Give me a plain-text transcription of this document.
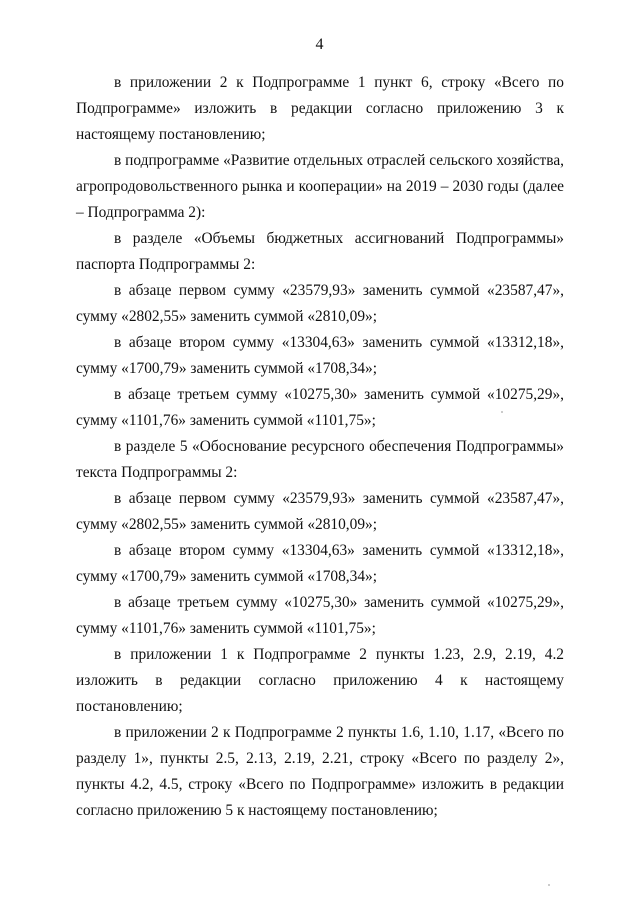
4

в приложении 2 к Подпрограмме 1 пункт 6, строку «Всего по Подпрограмме» изложить в редакции согласно приложению 3 к настоящему постановлению;

в подпрограмме «Развитие отдельных отраслей сельского хозяйства, агропродовольственного рынка и кооперации» на 2019 – 2030 годы (далее – Подпрограмма 2):

в разделе «Объемы бюджетных ассигнований Подпрограммы» паспорта Подпрограммы 2:

в абзаце первом сумму «23579,93» заменить суммой «23587,47», сумму «2802,55» заменить суммой «2810,09»;

в абзаце втором сумму «13304,63» заменить суммой «13312,18», сумму «1700,79» заменить суммой «1708,34»;

в абзаце третьем сумму «10275,30» заменить суммой «10275,29», сумму «1101,76» заменить суммой «1101,75»;

в разделе 5 «Обоснование ресурсного обеспечения Подпрограммы» текста Подпрограммы 2:

в абзаце первом сумму «23579,93» заменить суммой «23587,47», сумму «2802,55» заменить суммой «2810,09»;

в абзаце втором сумму «13304,63» заменить суммой «13312,18», сумму «1700,79» заменить суммой «1708,34»;

в абзаце третьем сумму «10275,30» заменить суммой «10275,29», сумму «1101,76» заменить суммой «1101,75»;

в приложении 1 к Подпрограмме 2 пункты 1.23, 2.9, 2.19, 4.2 изложить в редакции согласно приложению 4 к настоящему постановлению;

в приложении 2 к Подпрограмме 2 пункты 1.6, 1.10, 1.17, «Всего по разделу 1», пункты 2.5, 2.13, 2.19, 2.21, строку «Всего по разделу 2», пункты 4.2, 4.5, строку «Всего по Подпрограмме» изложить в редакции согласно приложению 5 к настоящему постановлению;
